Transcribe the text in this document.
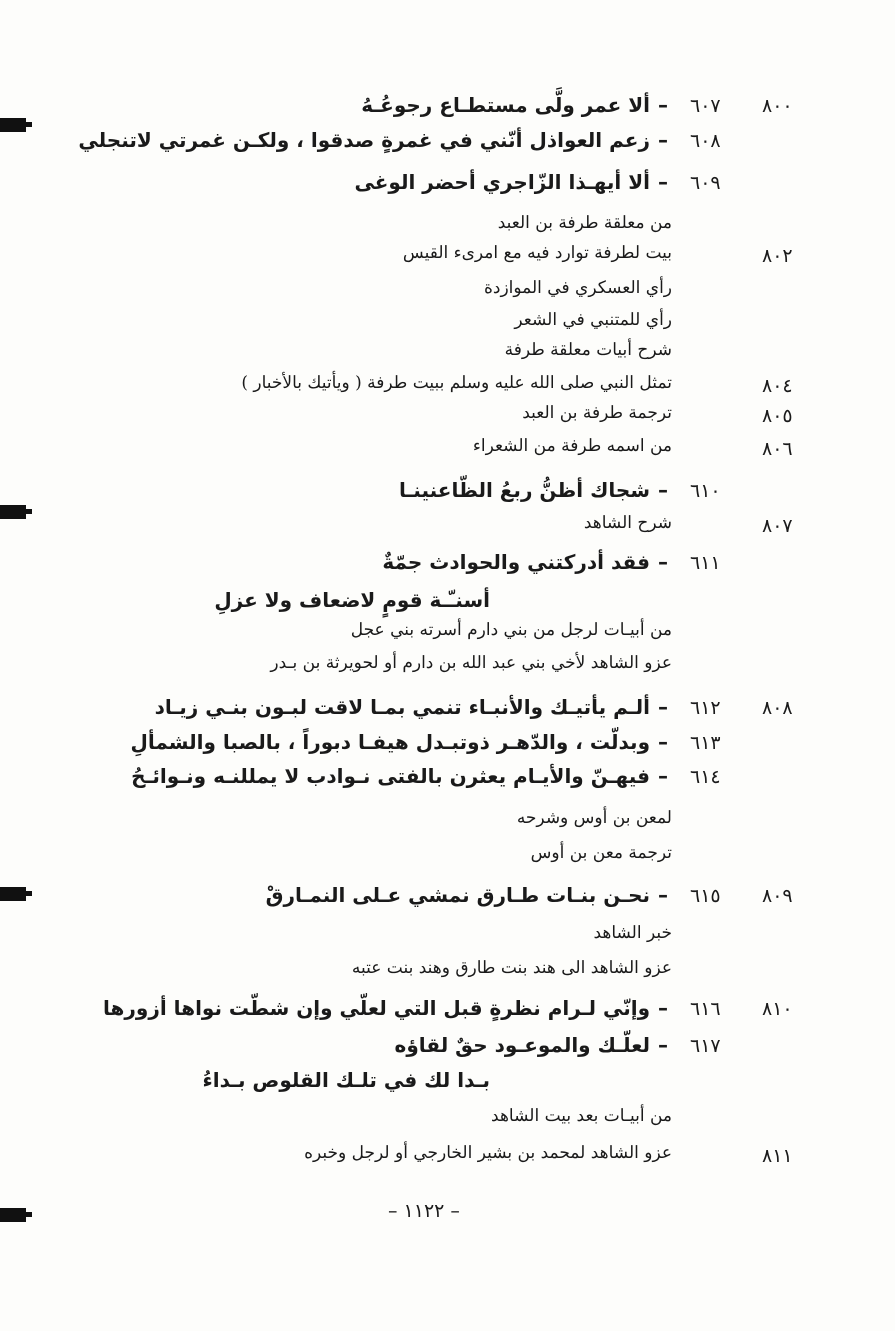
٨٠٠
٦٠٧
–
ألا عمر ولَّى مستطـاع رجوعُـهُ
٦٠٨
–
زعم العواذل أنّني في غمرةٍ صدقوا ، ولكـن غمرتي لاتنجلي
٦٠٩
–
ألا أيهـذا الزّاجري أحضر الوغى
من معلقة طرفة بن العبد
٨٠٢
بيت لطرفة توارد فيه مع امرىء القيس
رأي العسكري في الموازدة
رأي للمتنبي في الشعر
شرح أبيات معلقة طرفة
٨٠٤
تمثل النبي صلى الله عليه وسلم ببيت طرفة ( ويأتيك بالأخبار )
٨٠٥
ترجمة طرفة بن العبد
٨٠٦
من اسمه طرفة من الشعراء
٦١٠
–
شجاك أظنُّ ربعُ الظّاعنينـا
٨٠٧
شرح الشاهد
٦١١
–
فقد أدركتني والحوادث جمّةٌ
أسنـّـة قومٍ لاضعاف ولا عزلِ
من أبيـات لرجل من بني دارم أسرته بني عجل
عزو الشاهد لأخي بني عبد الله بن دارم أو لحويرثة بن بـدر
٨٠٨
٦١٢
–
ألـم يأتيـك والأنبـاء تنمي بمـا لاقت لبـون بنـي زيـاد
٦١٣
–
وبدلّت ، والدّهـر ذوتبـدل هيفـا دبوراً ، بالصبا والشمألِ
٦١٤
–
فيهـنّ والأيـام يعثرن بالفتى نـوادب لا يمللنـه ونـوائـحُ
لمعن بن أوس وشرحه
ترجمة معن بن أوس
٨٠٩
٦١٥
–
نحـن بنـات طـارق نمشي عـلى النمـارقْ
خبر الشاهد
عزو الشاهد الى هند بنت طارق وهند بنت عتبه
٨١٠
٦١٦
–
وإنّي لـرام نظرةٍ قبل التي لعلّي وإن شطّت نواها أزورها
٦١٧
–
لعلّـك والموعـود حقٌ لقاؤه
بـدا لك في تلـك القلوص بـداءُ
من أبيـات بعد بيت الشاهد
٨١١
عزو الشاهد لمحمد بن بشير الخارجي أو لرجل وخبره
– ١١٢٢ –
